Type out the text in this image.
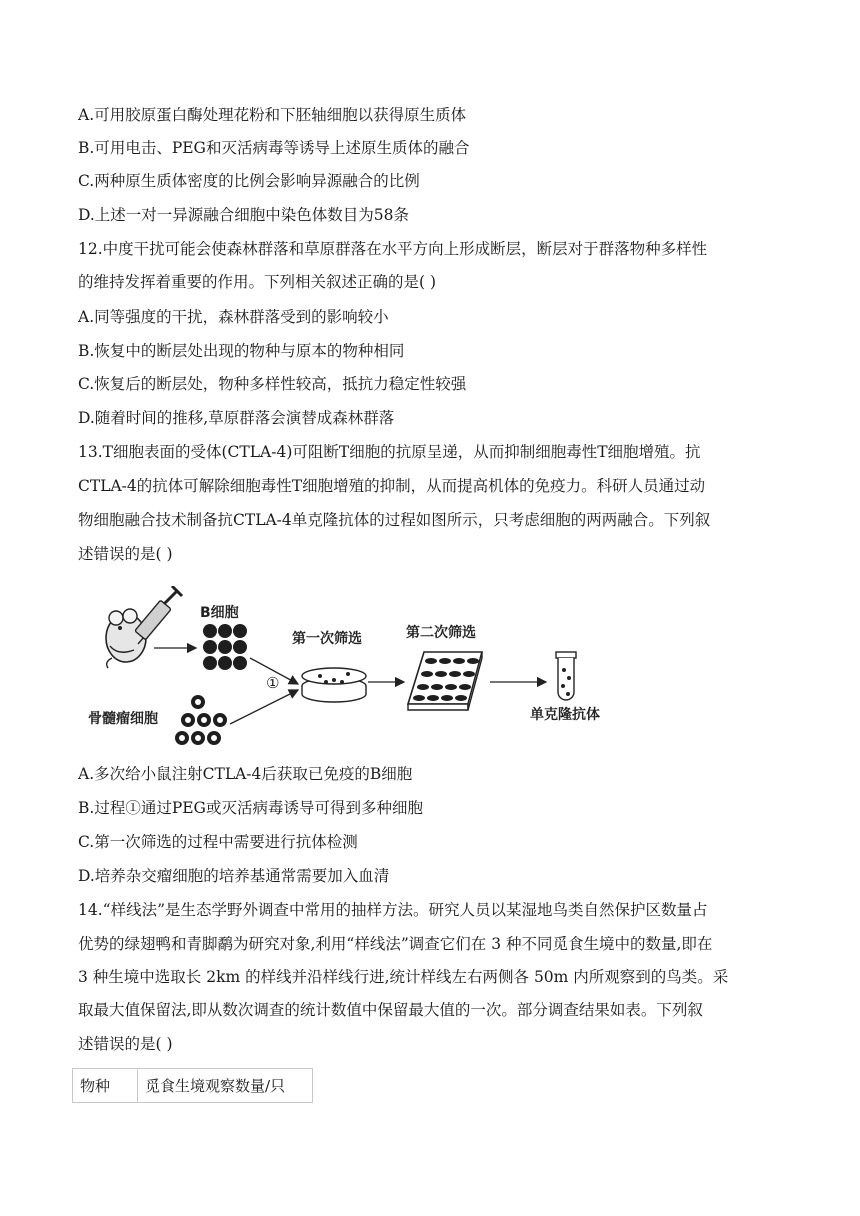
A.可用胶原蛋白酶处理花粉和下胚轴细胞以获得原生质体
B.可用电击、PEG和灭活病毒等诱导上述原生质体的融合
C.两种原生质体密度的比例会影响异源融合的比例
D.上述一对一异源融合细胞中染色体数目为58条
12.中度干扰可能会使森林群落和草原群落在水平方向上形成断层，断层对于群落物种多样性
的维持发挥着重要的作用。下列相关叙述正确的是( )
A.同等强度的干扰，森林群落受到的影响较小
B.恢复中的断层处出现的物种与原本的物种相同
C.恢复后的断层处，物种多样性较高，抵抗力稳定性较强
D.随着时间的推移,草原群落会演替成森林群落
13.T细胞表面的受体(CTLA-4)可阻断T细胞的抗原呈递，从而抑制细胞毒性T细胞增殖。抗
CTLA-4的抗体可解除细胞毒性T细胞增殖的抑制，从而提高机体的免疫力。科研人员通过动
物细胞融合技术制备抗CTLA-4单克隆抗体的过程如图所示，只考虑细胞的两两融合。下列叙
述错误的是( )
B细胞
骨髓瘤细胞
①
第一次筛选	第二次筛选
单克隆抗体
A.多次给小鼠注射CTLA-4后获取已免疫的B细胞
B.过程①通过PEG或灭活病毒诱导可得到多种细胞
C.第一次筛选的过程中需要进行抗体检测
D.培养杂交瘤细胞的培养基通常需要加入血清
14.“样线法”是生态学野外调查中常用的抽样方法。研究人员以某湿地鸟类自然保护区数量占
优势的绿翅鸭和青脚鹬为研究对象,利用“样线法”调查它们在 3 种不同觅食生境中的数量,即在
3 种生境中选取长 2km 的样线并沿样线行进,统计样线左右两侧各 50m 内所观察到的鸟类。采
取最大值保留法,即从数次调查的统计数值中保留最大值的一次。部分调查结果如表。下列叙
述错误的是( )
物种	觅食生境观察数量/只
